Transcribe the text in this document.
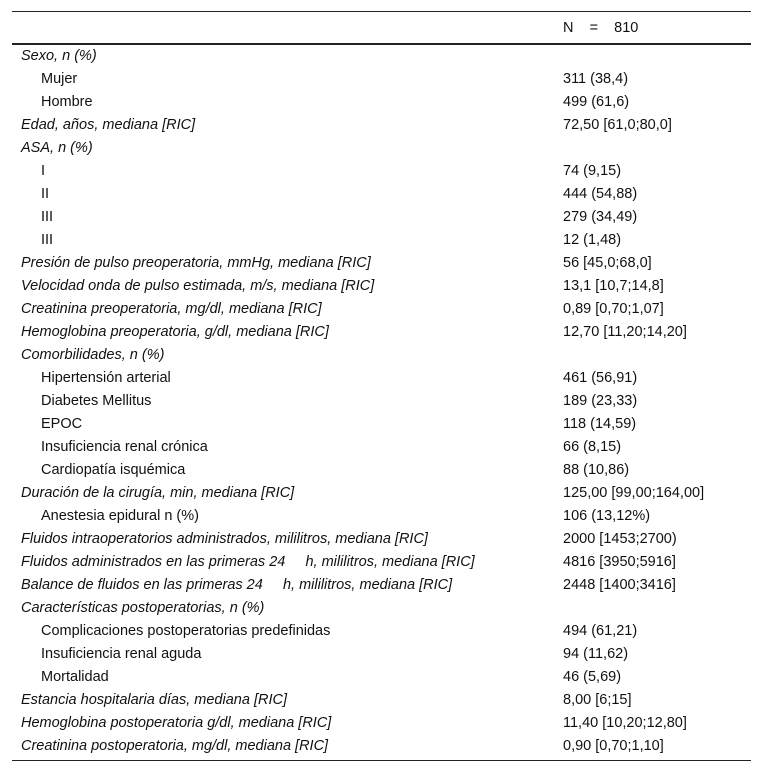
N    =    810
Sexo, n (%)
Mujer	311 (38,4)
Hombre	499 (61,6)
Edad, años, mediana [RIC]	72,50 [61,0;80,0]
ASA, n (%)
I	74 (9,15)
II	444 (54,88)
III	279 (34,49)
III	12 (1,48)
Presión de pulso preoperatoria, mmHg, mediana [RIC]	56 [45,0;68,0]
Velocidad onda de pulso estimada, m/s, mediana [RIC]	13,1 [10,7;14,8]
Creatinina preoperatoria, mg/dl, mediana [RIC]	0,89 [0,70;1,07]
Hemoglobina preoperatoria, g/dl, mediana [RIC]	12,70 [11,20;14,20]
Comorbilidades, n (%)
Hipertensión arterial	461 (56,91)
Diabetes Mellitus	189 (23,33)
EPOC	118 (14,59)
Insuficiencia renal crónica	66 (8,15)
Cardiopatía isquémica	88 (10,86)
Duración de la cirugía, min, mediana [RIC]	125,00 [99,00;164,00]
Anestesia epidural n (%)	106 (13,12%)
Fluidos intraoperatorios administrados, mililitros, mediana [RIC]	2000 [1453;2700)
Fluidos administrados en las primeras 24     h, mililitros, mediana [RIC]	4816 [3950;5916]
Balance de fluidos en las primeras 24     h, mililitros, mediana [RIC]	2448 [1400;3416]
Características postoperatorias, n (%)
Complicaciones postoperatorias predefinidas	494 (61,21)
Insuficiencia renal aguda	94 (11,62)
Mortalidad	46 (5,69)
Estancia hospitalaria días, mediana [RIC]	8,00 [6;15]
Hemoglobina postoperatoria g/dl, mediana [RIC]	11,40 [10,20;12,80]
Creatinina postoperatoria, mg/dl, mediana [RIC]	0,90 [0,70;1,10]
